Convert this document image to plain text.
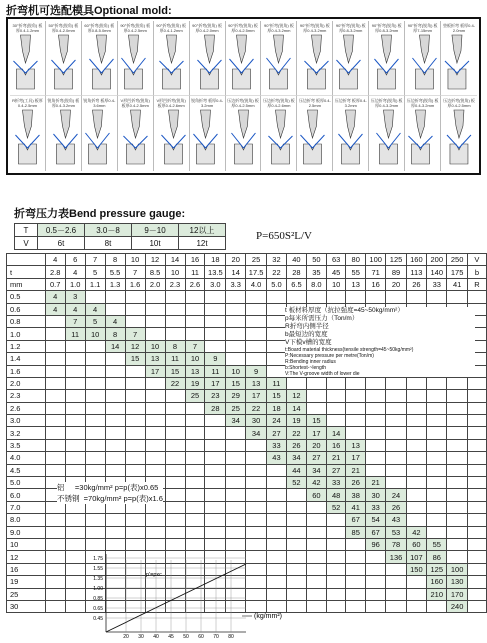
折弯机可选配模具Optional mold:
30°折弯(锐角) 板厚0.4-1.2mm
50°折弯(锐角) 板厚0.4-2.0mm
60°折弯(锐角) 板厚0.8-5.0mm
90°折弯(锐角) 板厚0.4-2.5mm
90°折弯(锐角) 板厚0.4-1.2mm
90°折弯(锐角) 板厚0.4-2.0mm
90°折弯(锐角) 板厚0.4-2.5mm
90°折弯(锐角) 板厚0.4-3.2mm
90°折弯(锐角) 板厚0.4-3.2mm
90°折弯(锐角) 板厚0.8-3.2mm
90°折弯(锐角) 板厚0.8-3.2mm
90°折弯(锐角) 板厚7-15mm
垫板折弯 板厚0.4-2.0mm
R折弯(工具) 板厚0.4-2.5mm
锐角折弯(锐角) 板厚0.4-3.2mm
锐角折弯 板厚0.4-3.6mm
V形凹折弯(锐角) 板厚0.4-2.5mm
V形凹折弯(锐角) 板厚0.4-2.6mm
锐角折弯 板厚0.4-3.2mm
压边折弯(锐角) 板厚0.4-2.5mm
压边折弯(锐角) 板厚0.4-2.6mm
压边折弯 板厚0.4-2.5mm
压边折弯 板厚0.4-3.2mm
压边折弯(锐角) 板厚0.4-3.2mm
压边折弯(锐角) 板厚0.4-3.2mm
压边折弯(锐角) 板厚0.4-2.5mm
折弯压力表Bend pressure gauge:
T	0.5－2.6	3.0－8	9－10	12以上
V	6t	8t	10t	12t
P=650S²L/V
	4	6	7	8	10	12	14	16	18	20	25	32	40	50	63	80	100	125	160	200	250	V
t	2.8	4	5	5.5	7	8.5	10	11	13.5	14	17.5	22	28	35	45	55	71	89	113	140	175	b
mm	0.7	1.0	1.1	1.3	1.6	2.0	2.3	2.6	3.0	3.3	4.0	5.0	6.5	8.0	10	13	16	20	26	33	41	R
0.5	4	3																				
0.6	4	4	4																			
0.8		7	5	4																		
1.0		11	10	8	7																	
1.2				14	12	10	8	7														
1.4					15	13	11	10	9													
1.6						17	15	13	11	10	9											
2.0							22	19	17	15	13	11										
2.3								25	23	29	17	15	12									
2.6									28	25	22	18	14									
3.0										34	30	24	19	15								
3.2											34	27	22	17	14							
3.5												33	26	20	16	13						
4.0												43	34	27	21	17						
4.5													44	34	27	21						
5.0													52	42	33	26	21					
6.0														60	48	38	30	24				
7.0															52	41	33	26				
8.0																67	54	43				
9.0																85	67	53	42			
10																	96	78	60	55		
12																		136	107	86		
16																			150	125	100	
19																				160	130	
25																				210	170	
30																					240	
t 板材料厚度（抗拉强度=45~50kg/mm²）
p每米所需压力（Ton/m）
R折弯内侧半径
b最短边的宽度
V下模v槽的宽度
t:Board material thickness(tensile strength=45~50kg/mm²)
P:Necessary pressure per metre(Ton/m)
R:Bending inner radius
b:Shortest-~length
V:The V-groove width of lower die
铝 =30kg/mm² p=p(表)x0.65
不锈钢 =70kg/mm² p=p(表)x1.6
1.75
1.55
1.35
1.00
0.85
0.65
0.45
20 30 40 45 50 60 70 80
p'=pxc
(kg/mm²)
